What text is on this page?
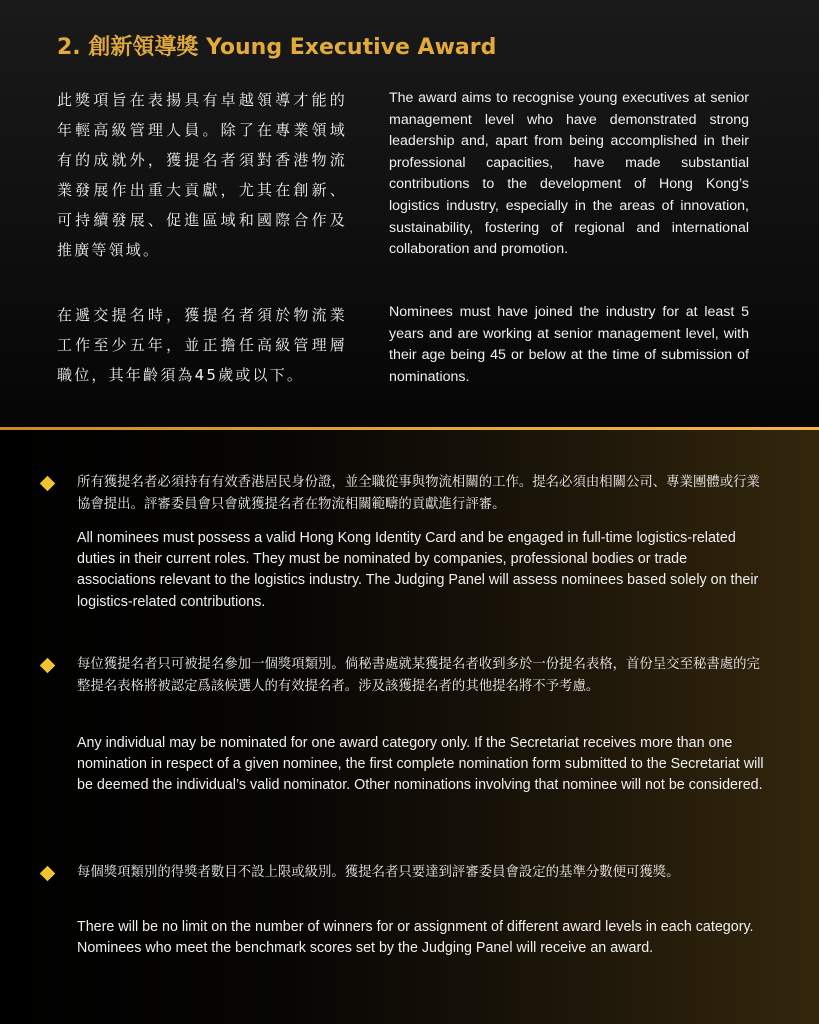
2. 創新領導獎 Young Executive Award
此獎項旨在表揚具有卓越領導才能的年輕高級管理人員。除了在專業領域有的成就外，獲提名者須對香港物流業發展作出重大貢獻，尤其在創新、可持續發展、促進區域和國際合作及推廣等領域。
The award aims to recognise young executives at senior management level who have demonstrated strong leadership and, apart from being accomplished in their professional capacities, have made substantial contributions to the development of Hong Kong’s logistics industry, especially in the areas of innovation, sustainability, fostering of regional and international collaboration and promotion.
在遞交提名時，獲提名者須於物流業工作至少五年，並正擔任高級管理層職位，其年齡須為45歲或以下。
Nominees must have joined the industry for at least 5 years and are working at senior management level, with their age being 45 or below at the time of submission of nominations.
所有獲提名者必須持有有效香港居民身份證，並全職從事與物流相關的工作。提名必須由相關公司、專業團體或行業協會提出。評審委員會只會就獲提名者在物流相關範疇的貢獻進行評審。
All nominees must possess a valid Hong Kong Identity Card and be engaged in full-time logistics-related duties in their current roles. They must be nominated by companies, professional bodies or trade associations relevant to the logistics industry. The Judging Panel will assess nominees based solely on their logistics-related contributions.
每位獲提名者只可被提名參加一個獎項類別。倘秘書處就某獲提名者收到多於一份提名表格，首份呈交至秘書處的完整提名表格將被認定爲該候選人的有效提名者。涉及該獲提名者的其他提名將不予考慮。
Any individual may be nominated for one award category only. If the Secretariat receives more than one nomination in respect of a given nominee, the first complete nomination form submitted to the Secretariat will be deemed the individual’s valid nominator. Other nominations involving that nominee will not be considered.
每個獎項類別的得獎者數目不設上限或級別。獲提名者只要達到評審委員會設定的基準分數便可獲獎。
There will be no limit on the number of winners for or assignment of different award levels in each category. Nominees who meet the benchmark scores set by the Judging Panel will receive an award.
